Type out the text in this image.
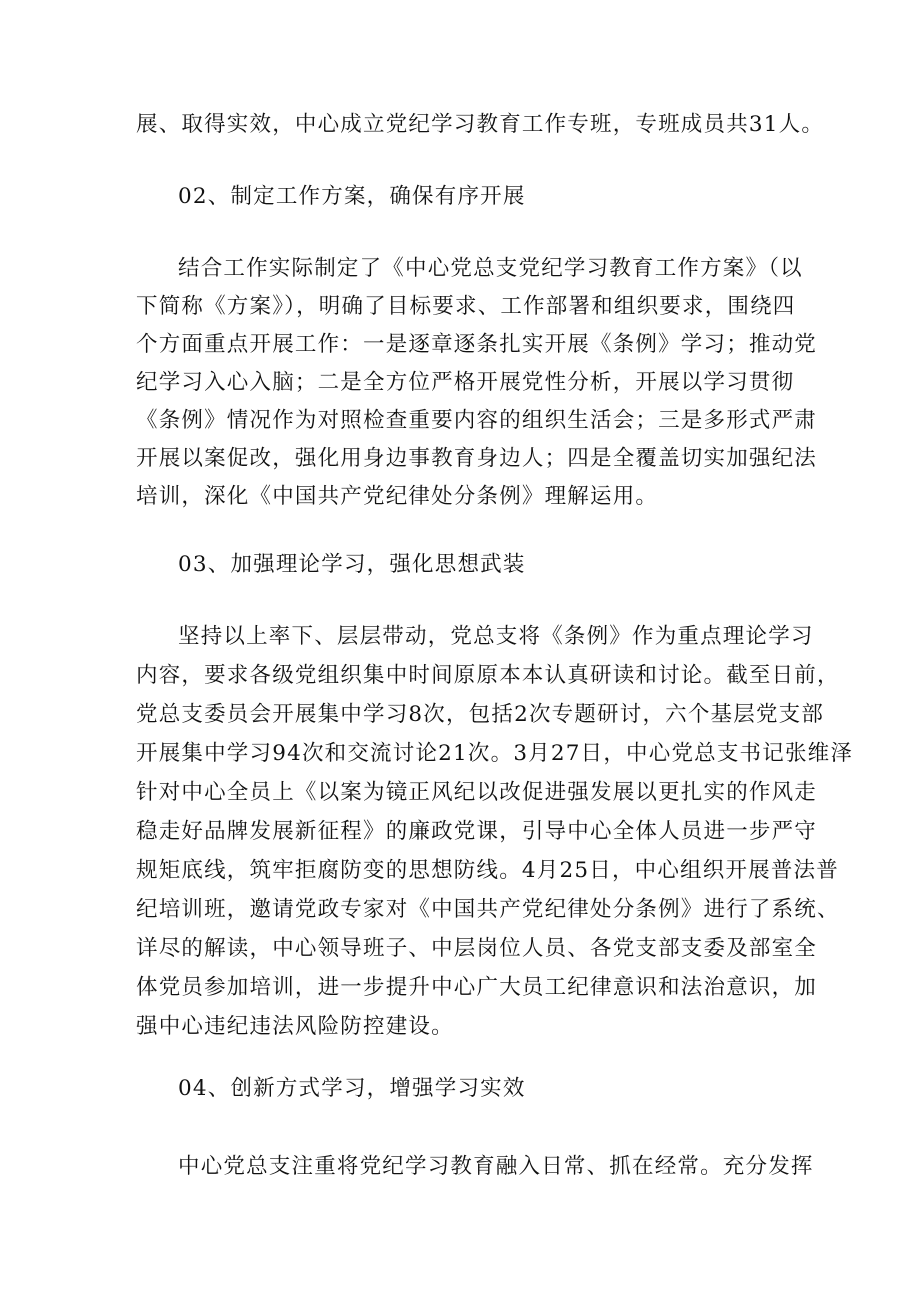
展、取得实效，中心成立党纪学习教育工作专班，专班成员共31人。
02、制定工作方案，确保有序开展
结合工作实际制定了《中心党总支党纪学习教育工作方案》（以
下简称《方案》），明确了目标要求、工作部署和组织要求，围绕四
个方面重点开展工作：一是逐章逐条扎实开展《条例》学习；推动党
纪学习入心入脑；二是全方位严格开展党性分析，开展以学习贯彻
《条例》情况作为对照检查重要内容的组织生活会；三是多形式严肃
开展以案促改，强化用身边事教育身边人；四是全覆盖切实加强纪法
培训，深化《中国共产党纪律处分条例》理解运用。
03、加强理论学习，强化思想武装
坚持以上率下、层层带动，党总支将《条例》作为重点理论学习
内容，要求各级党组织集中时间原原本本认真研读和讨论。截至日前，
党总支委员会开展集中学习8次，包括2次专题研讨，六个基层党支部
开展集中学习94次和交流讨论21次。3月27日，中心党总支书记张维泽
针对中心全员上《以案为镜正风纪以改促进强发展以更扎实的作风走
稳走好品牌发展新征程》的廉政党课，引导中心全体人员进一步严守
规矩底线，筑牢拒腐防变的思想防线。4月25日，中心组织开展普法普
纪培训班，邀请党政专家对《中国共产党纪律处分条例》进行了系统、
详尽的解读，中心领导班子、中层岗位人员、各党支部支委及部室全
体党员参加培训，进一步提升中心广大员工纪律意识和法治意识，加
强中心违纪违法风险防控建设。
04、创新方式学习，增强学习实效
中心党总支注重将党纪学习教育融入日常、抓在经常。充分发挥
